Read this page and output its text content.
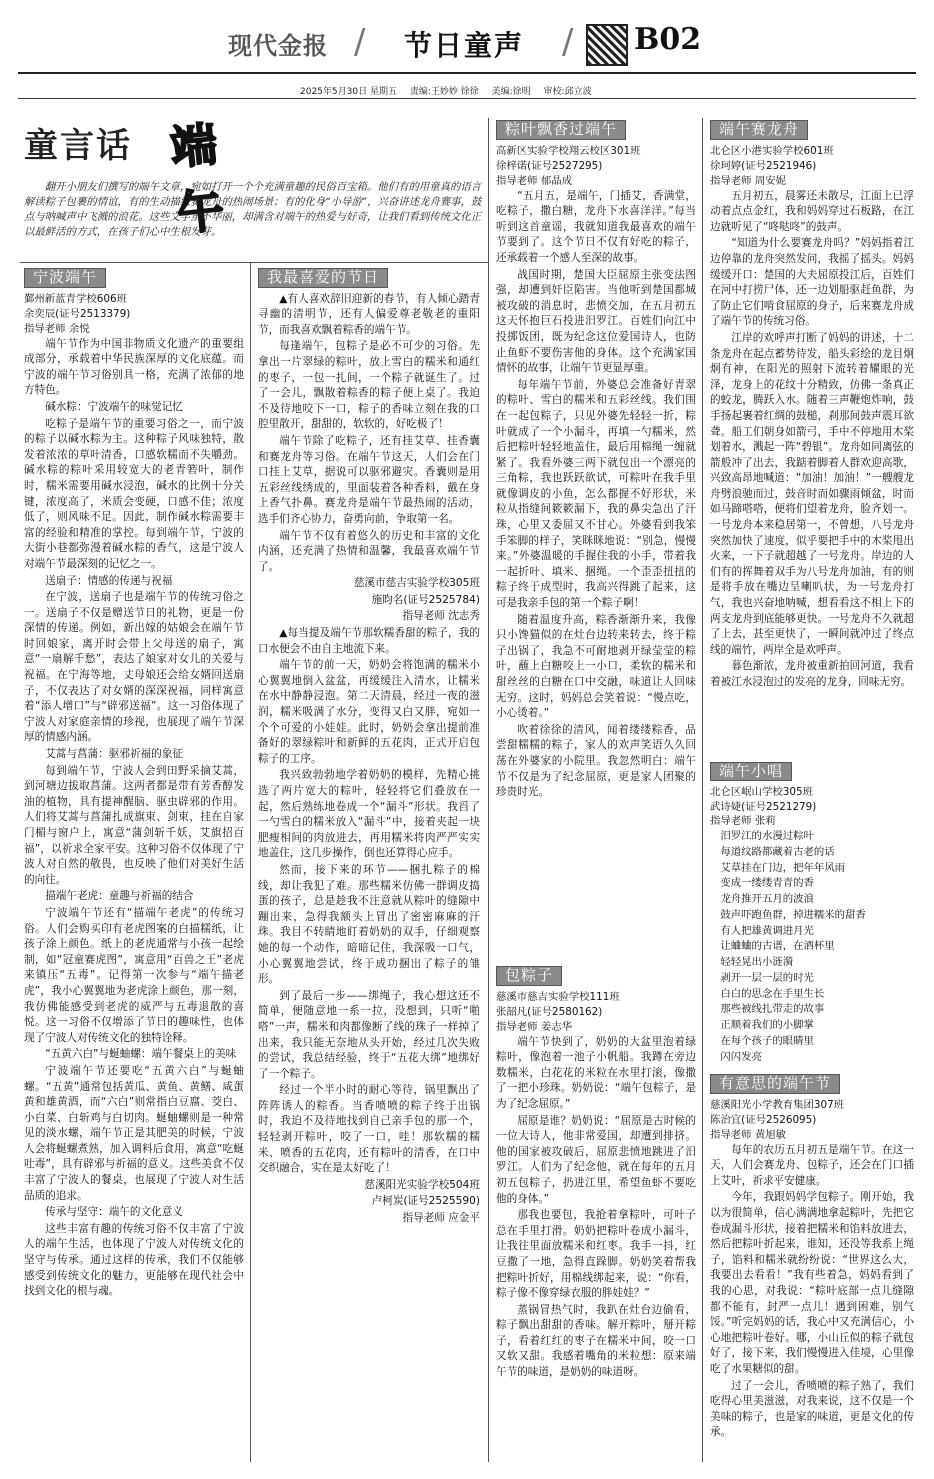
现代金报 / 节日童声 / B02
2025年5月30日 星期五 责编:王妙妙 徐徐 美编:徐明 审校:邱立波
童言话 端午
翻开小朋友们撰写的端午文章，宛如打开一个个充满童趣的民俗百宝箱。他们有的用童真的语言解读粽子包裹的情谊，有的生动描绘赛龙舟的热闹场景；有的化身“小导游”，兴奋讲述龙舟赛事，鼓点与呐喊声中飞溅的浪花。这些文字虽不华丽，却满含对端午的热爱与好奇，让我们看到传统文化正以最鲜活的方式，在孩子们心中生根发芽。
宁波端午
鄞州新蓝青学校606班
余奕辰(证号2513379)
指导老师 余悦

端午节作为中国非物质文化遗产的重要组成部分，承载着中华民族深厚的文化底蕴。而宁波的端午节习俗别具一格，充满了浓郁的地方特色。

碱水粽：宁波端午的味觉记忆

吃粽子是端午节的重要习俗之一，而宁波的粽子以碱水粽为主。这种粽子风味独特，散发着浓浓的草叶清香，口感软糯而不失嚼劲。碱水粽的粽叶采用较宽大的老青箬叶，制作时，糯米需要用碱水浸泡，碱水的比例十分关键，浓度高了，米质会变硬，口感不佳；浓度低了，则风味不足。因此，制作碱水粽需要丰富的经验和精准的掌控。每到端午节，宁波的大街小巷都弥漫着碱水粽的香气，这是宁波人对端午节最深刻的记忆之一。

送扇子：情感的传递与祝福

在宁波，送扇子也是端午节的传统习俗之一。送扇子不仅是赠送节日的礼物，更是一份深情的传递。例如，新出嫁的姑娘会在端午节时回娘家，离开时会带上父母送的扇子，寓意“一扇解千愁”，表达了娘家对女儿的关爱与祝福。在宁海等地，丈母娘还会给女婿回送扇子，不仅表达了对女婿的深深祝福，同样寓意着“添人增口”与“辟邪送福”。这一习俗体现了宁波人对家庭亲情的珍视，也展现了端午节深厚的情感内涵。

艾蒿与菖蒲：驱邪祈福的象征

每到端午节，宁波人会到田野采摘艾蒿，到河塘边拔取菖蒲。这两者都是带有芳香醇发油的植物，具有提神醒脑、驱虫辟邪的作用。人们将艾蒿与菖蒲扎成旗束、剑束，挂在自家门楣与窗户上，寓意“蒲剑斩千妖，艾旗招百福”，以祈求全家平安。这种习俗不仅体现了宁波人对自然的敬畏，也反映了他们对美好生活的向往。

描端午老虎：童趣与祈福的结合

宁波端午节还有“描端午老虎”的传统习俗。人们会购买印有老虎图案的白描糯纸，让孩子涂上颜色。纸上的老虎通常与小孩一起绘制，如“冠童赛虎图”，寓意用“百兽之王”老虎来镇压“五毒”。记得第一次参与“端午描老虎”，我小心翼翼地为老虎涂上颜色，那一刻，我仿佛能感受到老虎的威严与五毒退散的喜悦。这一习俗不仅增添了节日的趣味性，也体现了宁波人对传统文化的独特诠释。

“五黄六白”与蜒蚰螺：端午餐桌上的美味

宁波端午节还要吃“五黄六白”与蜒蚰螺。“五黄”通常包括黄瓜、黄鱼、黄鳝、咸蛋黄和雄黄酒，而“六白”则常指白豆腐、茭白、小白菜、白斩鸡与白切肉。蜒蚰螺则是一种常见的淡水螺，端午节正是其肥美的时候，宁波人会将蜒螺煮熟，加入调料后食用，寓意“吃蜒吐毒”，具有辟邪与祈福的意义。这些美食不仅丰富了宁波人的餐桌，也展现了宁波人对生活品质的追求。

传承与坚守：端午的文化意义

这些丰富有趣的传统习俗不仅丰富了宁波人的端午生活，也体现了宁波人对传统文化的坚守与传承。通过这样的传承，我们不仅能够感受到传统文化的魅力，更能够在现代社会中找到文化的根与魂。

我最喜爱的节日

▲有人喜欢辞旧迎新的春节，有人倾心踏青寻幽的清明节，还有人偏爱尊老敬老的重阳节，而我喜欢飘着粽香的端午节。

每逢端午，包粽子是必不可少的习俗。先拿出一片翠绿的粽叶，放上雪白的糯米和通红的枣子，一包一扎间，一个粽子就诞生了。过了一会儿，飘散着粽香的粽子便上桌了。我迫不及待地咬下一口，粽子的香味立刻在我的口腔里散开，甜甜的，软软的，好吃极了！

端午节除了吃粽子，还有挂艾草、挂香囊和赛龙舟等习俗。在端午节这天，人们会在门口挂上艾草，据说可以驱邪避灾。香囊则是用五彩丝线绣成的，里面装着各种香料，戴在身上香气扑鼻。赛龙舟是端午节最热闹的活动，选手们齐心协力，奋勇向前，争取第一名。

端午节不仅有着悠久的历史和丰富的文化内涵，还充满了热情和温馨，我最喜欢端午节了。

慈溪市慈吉实验学校305班

施昀名(证号2525784)

指导老师 沈志秀

▲每当提及端午节那软糯香甜的粽子，我的口水便会不由自主地流下来。

端午节的前一天，奶奶会将饱满的糯米小心翼翼地倒入盆盆，再缓缓注入清水，让糯米在水中静静浸泡。第二天清晨，经过一夜的滋润，糯米吸满了水分，变得又白又胖，宛如一个个可爱的小娃娃。此时，奶奶会拿出提前准备好的翠绿粽叶和新鲜的五花肉，正式开启包粽子的工序。

我兴致勃勃地学着奶奶的模样，先精心挑选了两片宽大的粽叶，轻轻将它们叠放在一起，然后熟练地卷成一个“漏斗”形状。我舀了一勺雪白的糯米放入“漏斗”中，接着夹起一块肥瘦相间的肉放进去，再用糯米将肉严严实实地盖住，这几步操作，倒也还算得心应手。

然而，接下来的环节——捆扎粽子的棉线，却让我犯了难。那些糯米仿佛一群调皮捣蛋的孩子，总是趁我不注意就从粽叶的缝隙中蹦出来，急得我额头上冒出了密密麻麻的汗珠。我目不转睛地盯着奶奶的双手，仔细观察她的每一个动作，暗暗记住，我深吸一口气，小心翼翼地尝试，终于成功捆出了粽子的雏形。

到了最后一步——绑绳子，我心想这还不简单，便随意地一系一拉，没想到，只听“啪嗒”一声，糯米和肉都像断了线的珠子一样掉了出来，我只能无奈地从头开始，经过几次失败的尝试，我总结经验，终于“五花大绑”地绑好了一个粽子。

经过一个半小时的耐心等待，锅里飘出了阵阵诱人的粽香。当香喷喷的粽子终于出锅时，我迫不及待地找到自己亲手包的那一个，轻轻剥开粽叶，咬了一口，哇！那软糯的糯米、喷香的五花肉，还有粽叶的清香，在口中交织融合，实在是太好吃了！

慈溪阳光实验学校504班

卢柯炭(证号2525590)

指导老师 应金平

粽叶飘香过端午
高新区实验学校翔云校区301班
徐梓诺(证号2527295)
指导老师 郁晶成

“五月五，是端午，门插艾，香满堂，吃粽子，撒白糖，龙舟下水喜洋洋。”每当听到这首童谣，我就知道我最喜欢的端午节要到了。这个节日不仅有好吃的粽子，还承载着一个感人至深的故事。

战国时期，楚国大臣屈原主张变法图强，却遭到奸臣陷害。当他听到楚国都城被攻破的消息时，悲愤交加，在五月初五这天怀抱巨石投进汨罗江。百姓们向江中投掷饭团，既为纪念这位爱国诗人，也防止鱼虾不要伤害他的身体。这个充满家国情怀的故事，让端午节更显厚重。

每年端午节前，外婆总会准备好青翠的粽叶、雪白的糯米和五彩丝线。我们围在一起包粽子，只见外婆先轻轻一折，粽叶就成了一个小漏斗，再填一勺糯米，然后把粽叶轻轻地盖住，最后用棉绳一缠就紧了。我看外婆三两下就包出一个漂亮的三角粽，我也跃跃欲试，可粽叶在我手里就像调皮的小鱼，怎么都握不好形状，米粒从指缝间簌簌漏下，我的鼻尖急出了汗珠，心里又委屈又不甘心。外婆看到我笨手笨脚的样子，笑眯眯地说：“别急，慢慢来。”外婆温暖的手握住我的小手，带着我一起折叶、填米、捆绳。一个歪歪扭扭的粽子终于成型时，我高兴得跳了起来，这可是我亲手包的第一个粽子啊！

随着温度升高，粽香渐渐升来，我像只小馋猫似的在灶台边转来转去，终于粽子出锅了，我急不可耐地剥开绿莹莹的粽叶，蘸上白糖咬上一小口，柔软的糯米和甜丝丝的白糖在口中交融，味道让人回味无穷。这时，妈妈总会笑着说：“慢点吃，小心烫着。”

吹着徐徐的清风，闻着缕缕粽香，品尝甜糯糯的粽子，家人的欢声笑语久久回荡在外婆家的小院里。我忽然明白：端午节不仅是为了纪念屈原，更是家人团聚的珍贵时光。

包粽子
慈溪市慈吉实验学校111班
张韶凡(证号2580162)
指导老师 姜志华

端午节快到了，奶奶的大盆里泡着绿粽叶，像泡着一池子小帆船。我蹲在旁边数糯米，白花花的米粒在水里打滚，像撒了一把小珍珠。奶奶说：“端午包粽子，是为了纪念屈原。”

屈原是谁？奶奶说：“屈原是古时候的一位大诗人，他非常爱国，却遭到排挤。他的国家被攻破后，屈原悲愤地跳进了汨罗江。人们为了纪念他，就在每年的五月初五包粽子，扔进江里，希望鱼虾不要吃他的身体。”

那我也要包，我抢着拿粽叶，可叶子总在手里打滑。奶奶把粽叶卷成小漏斗，让我往里面放糯米和红枣。我手一抖，红豆撒了一地，急得直跺脚。奶奶笑着帮我把粽叶折好，用棉线绑起来，说：“你看，粽子像不像穿绿衣服的胖娃娃？”

蒸锅冒热气时，我趴在灶台边偷看，粽子飘出甜甜的香味。解开粽叶，掰开粽子，看着红红的枣子在糯米中间，咬一口又软又甜。我感着嘴角的米粒想：原来端午节的味道，是奶奶的味道呀。

端午赛龙舟
北仑区小港实验学校601班
徐珂婷(证号2521946)
指导老师 周安妮

五月初五，晨雾还未散尽，江面上已浮动着点点金红，我和妈妈穿过石板路，在江边就听见了“咚哒咚”的鼓声。

“知道为什么要赛龙舟吗？”妈妈指着江边停靠的龙舟突然发问，我摇了摇头。妈妈缓缓开口：楚国的大夫屈原投江后，百姓们在河中打捞尸体，还一边划船驱赶鱼群，为了防止它们啃食屈原的身子，后来赛龙舟成了端午节的传统习俗。

江岸的欢呼声打断了妈妈的讲述，十二条龙舟在起点蓄势待发，船头彩绘的龙目炯炯有神，在阳光的照射下流转着耀眼的光泽，龙身上的花纹十分精致，仿佛一条真正的蛟龙，腾跃入水。随着三声鞭炮炸响，鼓手扬起裹着红绸的鼓槌，刹那间鼓声震耳欲聋。船工们朝身如箭弓，手中不停地用木桨划着水，溅起一阵“碧银”。龙舟如同离弦的箭般冲了出去，我踮着脚着人群欢迎高歌，兴致高昂地喊道：“加油！加油！”一艘艘龙舟劈浪驰而过，鼓音时而如骤雨倾盆，时而如马蹄嗒嗒，便将们望着龙舟，脸齐划一。一号龙舟本来稳居第一，不曾想，八号龙舟突然加快了速度，似乎要把手中的木桨甩出火来，一下子就超越了一号龙舟。岸边的人们有的挥舞着双手为八号龙舟加油，有的则是将手放在嘴边呈喇叭状，为一号龙舟打气，我也兴奋地呐喊，想看看这不相上下的两支龙舟到底能够更快。一号龙舟不久就超了上去，甚至更快了，一瞬间就冲过了终点线的端竹，两岸全是欢呼声。

暮色渐浓，龙舟被重新拍回河道，我看着被江水浸泡过的发亮的龙身，回味无穷。

端午小唱
北仑区岷山学校305班
武诗婕(证号2521279)
指导老师 张莉

汨罗江的水漫过粽叶

每道纹路都藏着古老的话

艾草挂在门边，把年年风雨

变成一缕缕青青的香

龙舟推开五月的波浪

鼓声吓跑鱼群，掉进糯米的甜香

有人把雄黄调进月光

让蛐蛐的古谱，在酒杯里

轻轻晃出小涟漪

剥开一层一层的时光

白白的思念在手里生长

那些被线扎带走的故事

正顺着我们的小脚掌

在每个孩子的眼睛里

闪闪发亮

有意思的端午节
慈溪阳光小学教育集团307班
陈治宜(证号2526095)
指导老师 黄旭敏

每年的农历五月初五是端午节。在这一天，人们会赛龙舟、包粽子，还会在门口插上艾叶，祈求平安健康。

今年，我跟妈妈学包粽子。刚开始，我以为很简单，信心满满地拿起粽叶，先把它卷成漏斗形状，接着把糯米和馅料放进去，然后把粽叶折起来，谁知，还没等我系上绳子，馅料和糯米就纷纷说：“世界这么大，我要出去看看！”我有些着急，妈妈看到了我的心思，对我说：“粽叶底部一点儿缝隙都不能有，封严一点儿！遇到困难，别气馁。”听完妈妈的话，我心中又充满信心，小心地把粽叶卷好。哪，小山丘似的粽子就包好了，接下来，我们慢慢进入佳境，心里像吃了水果糖似的甜。

过了一会儿，香喷喷的粽子熟了，我们吃得心里美滋滋，对我来说，这不仅是一个美味的粽子，也是家的味道，更是文化的传承。
